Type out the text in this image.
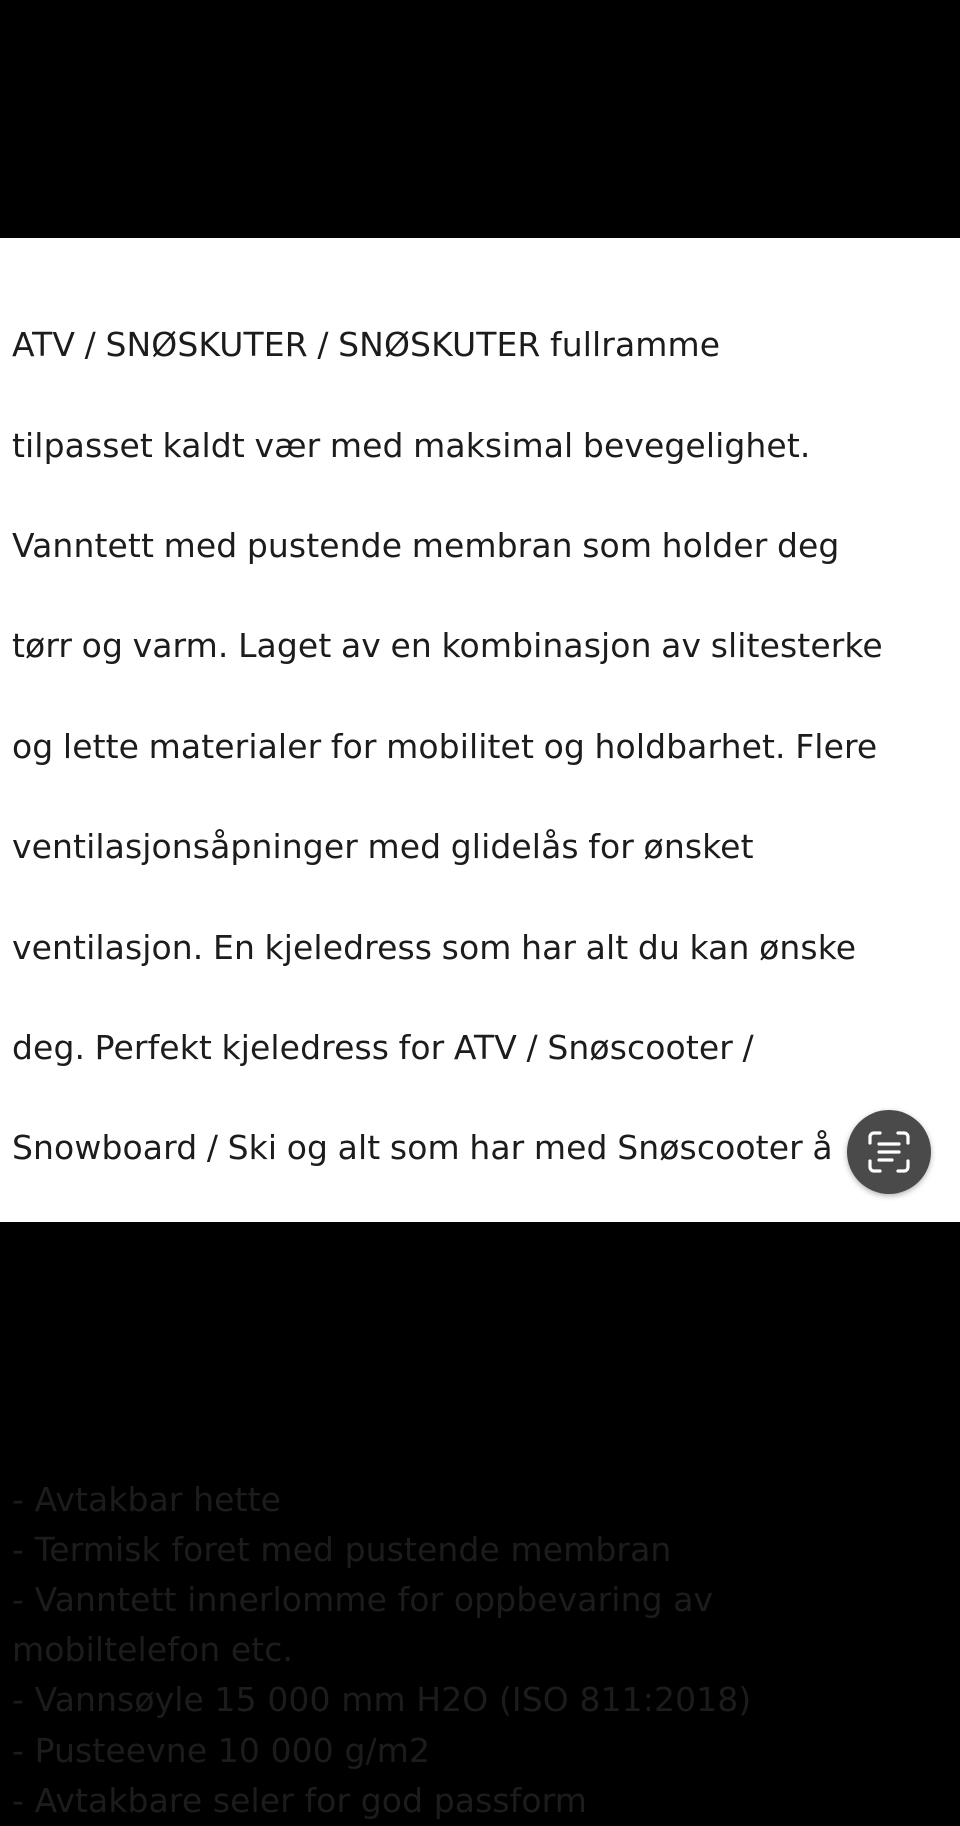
ATV / SNØSKUTER / SNØSKUTER fullramme

tilpasset kaldt vær med maksimal bevegelighet.

Vanntett med pustende membran som holder deg

tørr og varm. Laget av en kombinasjon av slitesterke

og lette materialer for mobilitet og holdbarhet. Flere

ventilasjonsåpninger med glidelås for ønsket

ventilasjon. En kjeledress som har alt du kan ønske

deg. Perfekt kjeledress for ATV / Snøscooter /

Snowboard / Ski og alt som har med Snøscooter å

- Avtakbar hette
- Termisk foret med pustende membran
- Vanntett innerlomme for oppbevaring av
mobiltelefon etc.
- Vannsøyle 15 000 mm H2O (ISO 811:2018)
- Pusteevne 10 000 g/m2
- Avtakbare seler for god passform
